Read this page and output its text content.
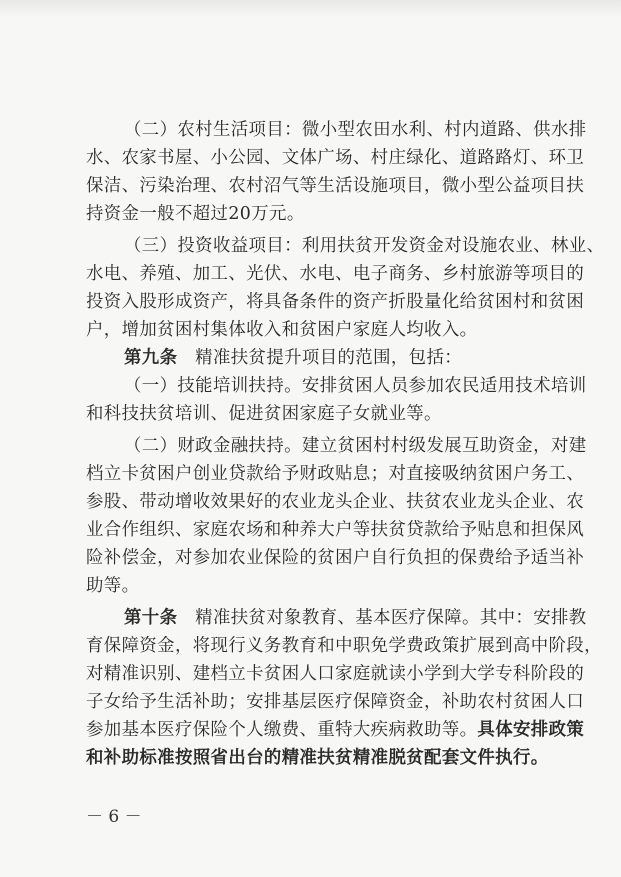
（二）农村生活项目：微小型农田水利、村内道路、供水排
水、农家书屋、小公园、文体广场、村庄绿化、道路路灯、环卫
保洁、污染治理、农村沼气等生活设施项目，微小型公益项目扶
持资金一般不超过20万元。
（三）投资收益项目：利用扶贫开发资金对设施农业、林业、
水电、养殖、加工、光伏、水电、电子商务、乡村旅游等项目的
投资入股形成资产，将具备条件的资产折股量化给贫困村和贫困
户，增加贫困村集体收入和贫困户家庭人均收入。
第九条　精准扶贫提升项目的范围，包括：
（一）技能培训扶持。安排贫困人员参加农民适用技术培训
和科技扶贫培训、促进贫困家庭子女就业等。
（二）财政金融扶持。建立贫困村村级发展互助资金，对建
档立卡贫困户创业贷款给予财政贴息；对直接吸纳贫困户务工、
参股、带动增收效果好的农业龙头企业、扶贫农业龙头企业、农
业合作组织、家庭农场和种养大户等扶贫贷款给予贴息和担保风
险补偿金，对参加农业保险的贫困户自行负担的保费给予适当补
助等。
第十条　精准扶贫对象教育、基本医疗保障。其中：安排教
育保障资金，将现行义务教育和中职免学费政策扩展到高中阶段，
对精准识别、建档立卡贫困人口家庭就读小学到大学专科阶段的
子女给予生活补助；安排基层医疗保障资金，补助农村贫困人口
参加基本医疗保险个人缴费、重特大疾病救助等。具体安排政策
和补助标准按照省出台的精准扶贫精准脱贫配套文件执行。
－ 6 －
